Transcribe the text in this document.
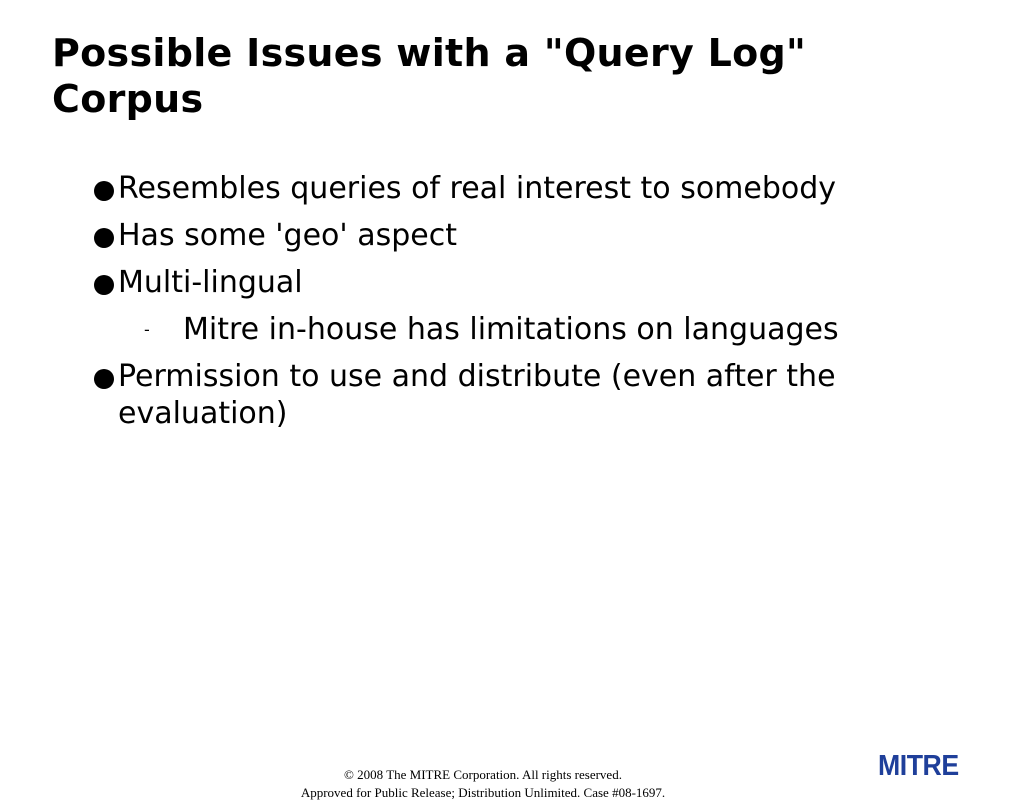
Possible Issues with a "Query Log"
Corpus
Resembles queries of real interest to somebody
Has some 'geo' aspect
Multi-lingual
- Mitre in-house has limitations on languages
Permission to use and distribute (even after the evaluation)
© 2008 The MITRE Corporation. All rights reserved.
Approved for Public Release; Distribution Unlimited. Case #08-1697.
MITRE
